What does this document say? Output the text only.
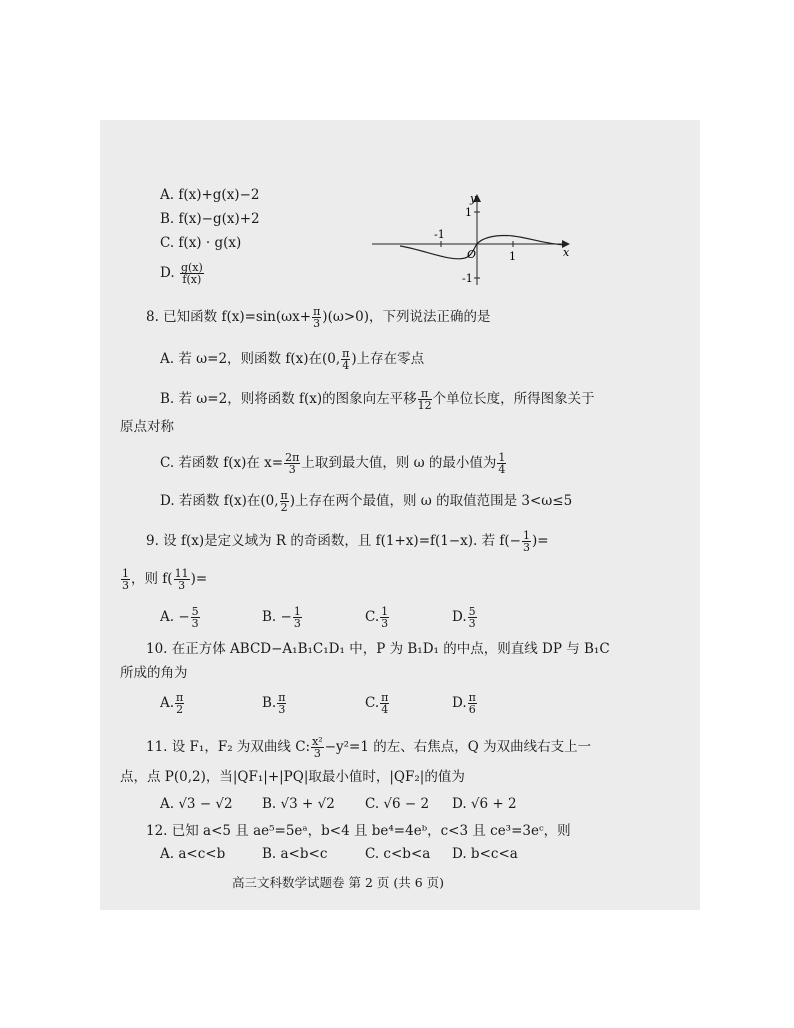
A. f(x)+g(x)−2
B. f(x)−g(x)+2
C. f(x) · g(x)
D. $\frac{g(x)}{f(x)}$
y
x
O
1
-1
-1
1
8. 已知函数 $f(x)=\sin(\omega x+ \frac{\pi}{3} )(\omega>0)$，下列说法正确的是
A. 若 ω=2，则函数 f(x)在(0, $\frac{\pi}{4}$ )上存在零点
B. 若 ω=2，则将函数 f(x)的图象向左平移 $\frac{\pi}{12}$ 个单位长度，所得图象关于
原点对称
C. 若函数 f(x)在 $x= \frac{2\pi}{3}$ 上取到最大值，则 ω 的最小值为 $\frac{1}{4}$
D. 若函数 f(x)在(0, $\frac{\pi}{2}$ )上存在两个最值，则 ω 的取值范围是 3<ω≤5
9. 设 f(x)是定义域为 R 的奇函数，且 f(1+x)=f(1−x). 若 $f(- \frac{1}{3}$ )=
$\frac{1}{3}$ ，则 $f( \frac{11}{3}$ )=
A. − $\frac{5}{3}$	B. − $\frac{1}{3}$	C. $\frac{1}{3}$	D. $\frac{5}{3}$
10. 在正方体 ABCD−A₁B₁C₁D₁ 中，P 为 B₁D₁ 的中点，则直线 DP 与 B₁C
所成的角为
A. $\frac{\pi}{2}$	B. $\frac{\pi}{3}$	C. $\frac{\pi}{4}$	D. $\frac{\pi}{6}$
11. 设 F₁，F₂ 为双曲线 C: $\frac{\text{x²}}{3} -y^2=1$ 的左、右焦点，Q 为双曲线右支上一
点，点 P(0,2)，当|QF₁|+|PQ|取最小值时，|QF₂|的值为
A. √3 − √2 B. √3 + √2 C. √6 − 2 D. √6 + 2
12. 已知 a<5 且 ae⁵=5eᵃ，b<4 且 be⁴=4eᵇ，c<3 且 ce³=3eᶜ，则
A. a<c<b	B. a<b<c	C. c<b<a D. b<c<a
高三文科数学试题卷 第 2 页 (共 6 页)
